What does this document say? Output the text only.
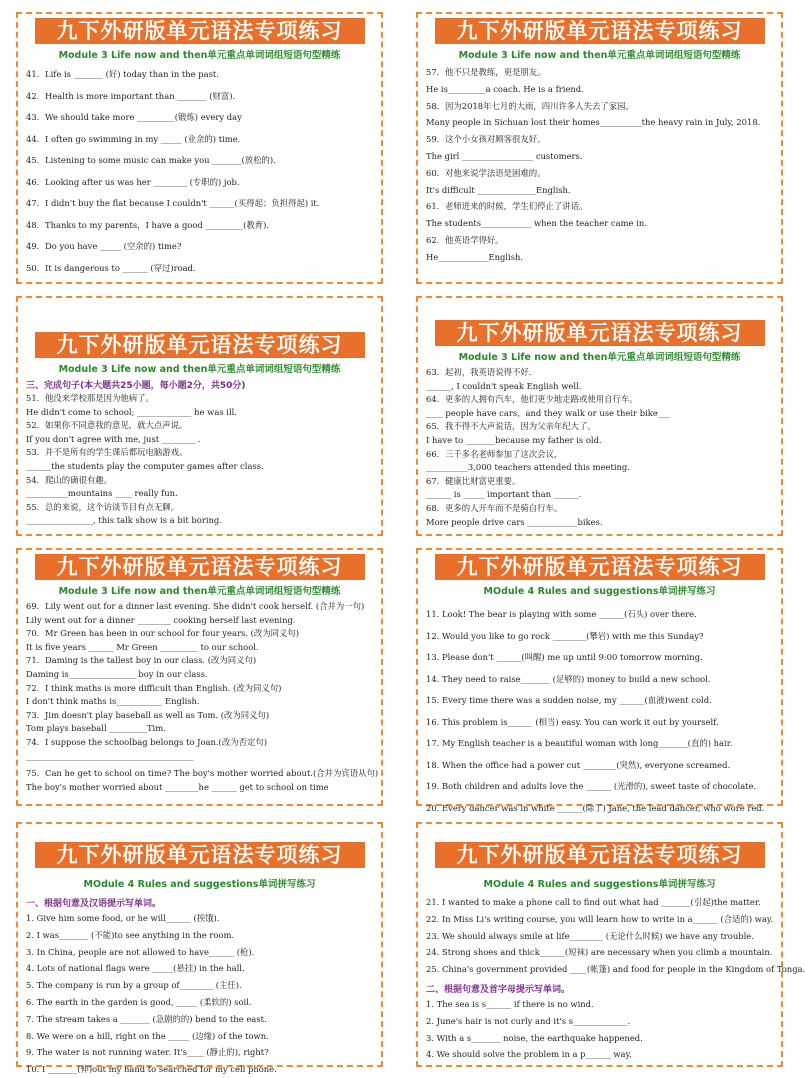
九下外研版单元语法专项练习
Module 3 Life now and then单元重点单词词组短语句型精练
41．Life is _______ (好) today than in the past.
42．Health is more important than _______ (财富).
43．We should take more _________(锻炼) every day
44．I often go swimming in my _____ (业余的) time.
45．Listening to some music can make you _______(放松的).
46．Looking after us was her ________ (专职的) job.
47．I didn't buy the flat because I couldn't ______(买得起；负担得起) it.
48．Thanks to my parents，I have a good _________(教育).
49．Do you have _____ (空余的) time?
50．It is dangerous to ______ (穿过)road.
九下外研版单元语法专项练习
Module 3 Life now and then单元重点单词词组短语句型精练
57．他不只是教练，更是朋友。
He is_________a coach. He is a friend.
58．因为2018年七月的大雨，四川许多人失去了家园。
Many people in Sichuan lost their homes__________the heavy rain in July, 2018.
59．这个小女孩对顾客很友好。
The girl _________________ customers.
60．对他来说学法语是困难的。
It's difficult ______________English.
61．老师进来的时候，学生们停止了讲话。
The students____________ when the teacher came in.
62．他英语学得好。
He____________English.
九下外研版单元语法专项练习
Module 3 Life now and then单元重点单词词组短语句型精练
三、完成句子(本大题共25小题，每小题2分，共50分)
51．他没来学校那是因为他病了。
He didn't come to school; _____________ he was ill.
52．如果你不同意我的意见，就大点声说。
If you don't agree with me, just ________ .
53．并不是所有的学生课后都玩电脑游戏。
______the students play the computer games after class.
54．爬山的确很有趣。
__________mountains ____ really fun.
55．总的来说，这个访谈节目有点无聊。
________________, this talk show is a bit boring.
九下外研版单元语法专项练习
Module 3 Life now and then单元重点单词词组短语句型精练
63．起初，我英语说得不好．
______, I couldn't speak English well.
64．更多的人拥有汽车，他们更少地走路或使用自行车。
____ people have cars，and they walk or use their bike___
65．我不得不大声说话，因为父亲年纪大了。
I have to _______because my father is old.
66．三千多名老师参加了这次会议，
__________3,000 teachers attended this meeting.
67．健康比财富更重要。
______ is _____ important than ______.
68．更多的人开车而不是骑自行车。
More people drive cars ____________bikes.
九下外研版单元语法专项练习
Module 3 Life now and then单元重点单词词组短语句型精练
69．Lily went out for a dinner last evening. She didn't cook herself. (合并为一句)
Lily went out for a dinner ________ cooking herself last evening.
70．Mr Green has been in our school for four years. (改为同义句)
It is five years ______ Mr Green _________ to our school.
71．Daming is the tallest boy in our class. (改为同义句)
Daming is________________ boy in our class.
72．I think maths is more difficult than English. (改为同义句)
I don't think maths is___________ English.
73．Jim doesn't play baseball as well as Tom. (改为同义句)
Tom plays baseball _________Tim.
74．I suppose the schoolbag belongs to Joan.(改为否定句)
________________________________________
75．Can he get to school on time? The boy's mother worried about.(合并为宾语从句)
The boy's mother worried about ________he ______ get to school on time
九下外研版单元语法专项练习
MOdule 4 Rules and suggestions单词拼写练习
11. Look! The bear is playing with some ______(石头) over there.
12. Would you like to go rock ________(攀岩) with me this Sunday?
13. Please don't ______(叫醒) me up until 9:00 tomorrow morning.
14. They need to raise_______ (足够的) money to build a new school.
15. Every time there was a sudden noise, my ______(血液)went cold.
16. This problem is______ (相当) easy. You can work it out by yourself.
17. My English teacher is a beautiful woman with long_______(直的) hair.
18. When the office had a power cut ________(突然), everyone screamed.
19. Both children and adults love the ______ (光滑的), sweet taste of chocolate.
20. Every dancer was in white ______(除了) Jane, the lead dancer, who wore red.
九下外研版单元语法专项练习
MOdule 4 Rules and suggestions单词拼写练习
一、根据句意及汉语提示写单词。
1. Give him some food, or he will______ (挨饿).
2. I was_______ (不能)to see anything in the room.
3. In China, people are not allowed to have______ (枪).
4. Lots of national flags were _____(悬挂) in the hall.
5. The company is run by a group of________ (主任).
6. The earth in the garden is good, _____ (柔软的) soil.
7. The stream takes a _______ (急剧的的) bend to the east.
8. We were on a hill, right on the _____ (边缘) of the town.
9. The water is not running water. It's____ (静止的), right?
10. I _______(伸)out my hand to searched for my cell phone.
九下外研版单元语法专项练习
MOdule 4 Rules and suggestions单词拼写练习
21. I wanted to make a phone call to find out what had _______(引起)the matter.
22. In Miss Li's writing course, you will learn how to write in a______ (合适的) way.
23. We should always smile at life________ (无论什么时候) we have any trouble.
24. Strong shoes and thick______(短袜) are necessary when you climb a mountain.
25. China's government provided ____(帐篷) and food for people in the Kingdom of Tonga.
二、根据句意及首字母提示写单词。
1. The sea is s______ if there is no wind.
2. June's hair is not curly and it's s_____________.
3. With a s_______ noise, the earthquake happened.
4. We should solve the problem in a p______ way.
